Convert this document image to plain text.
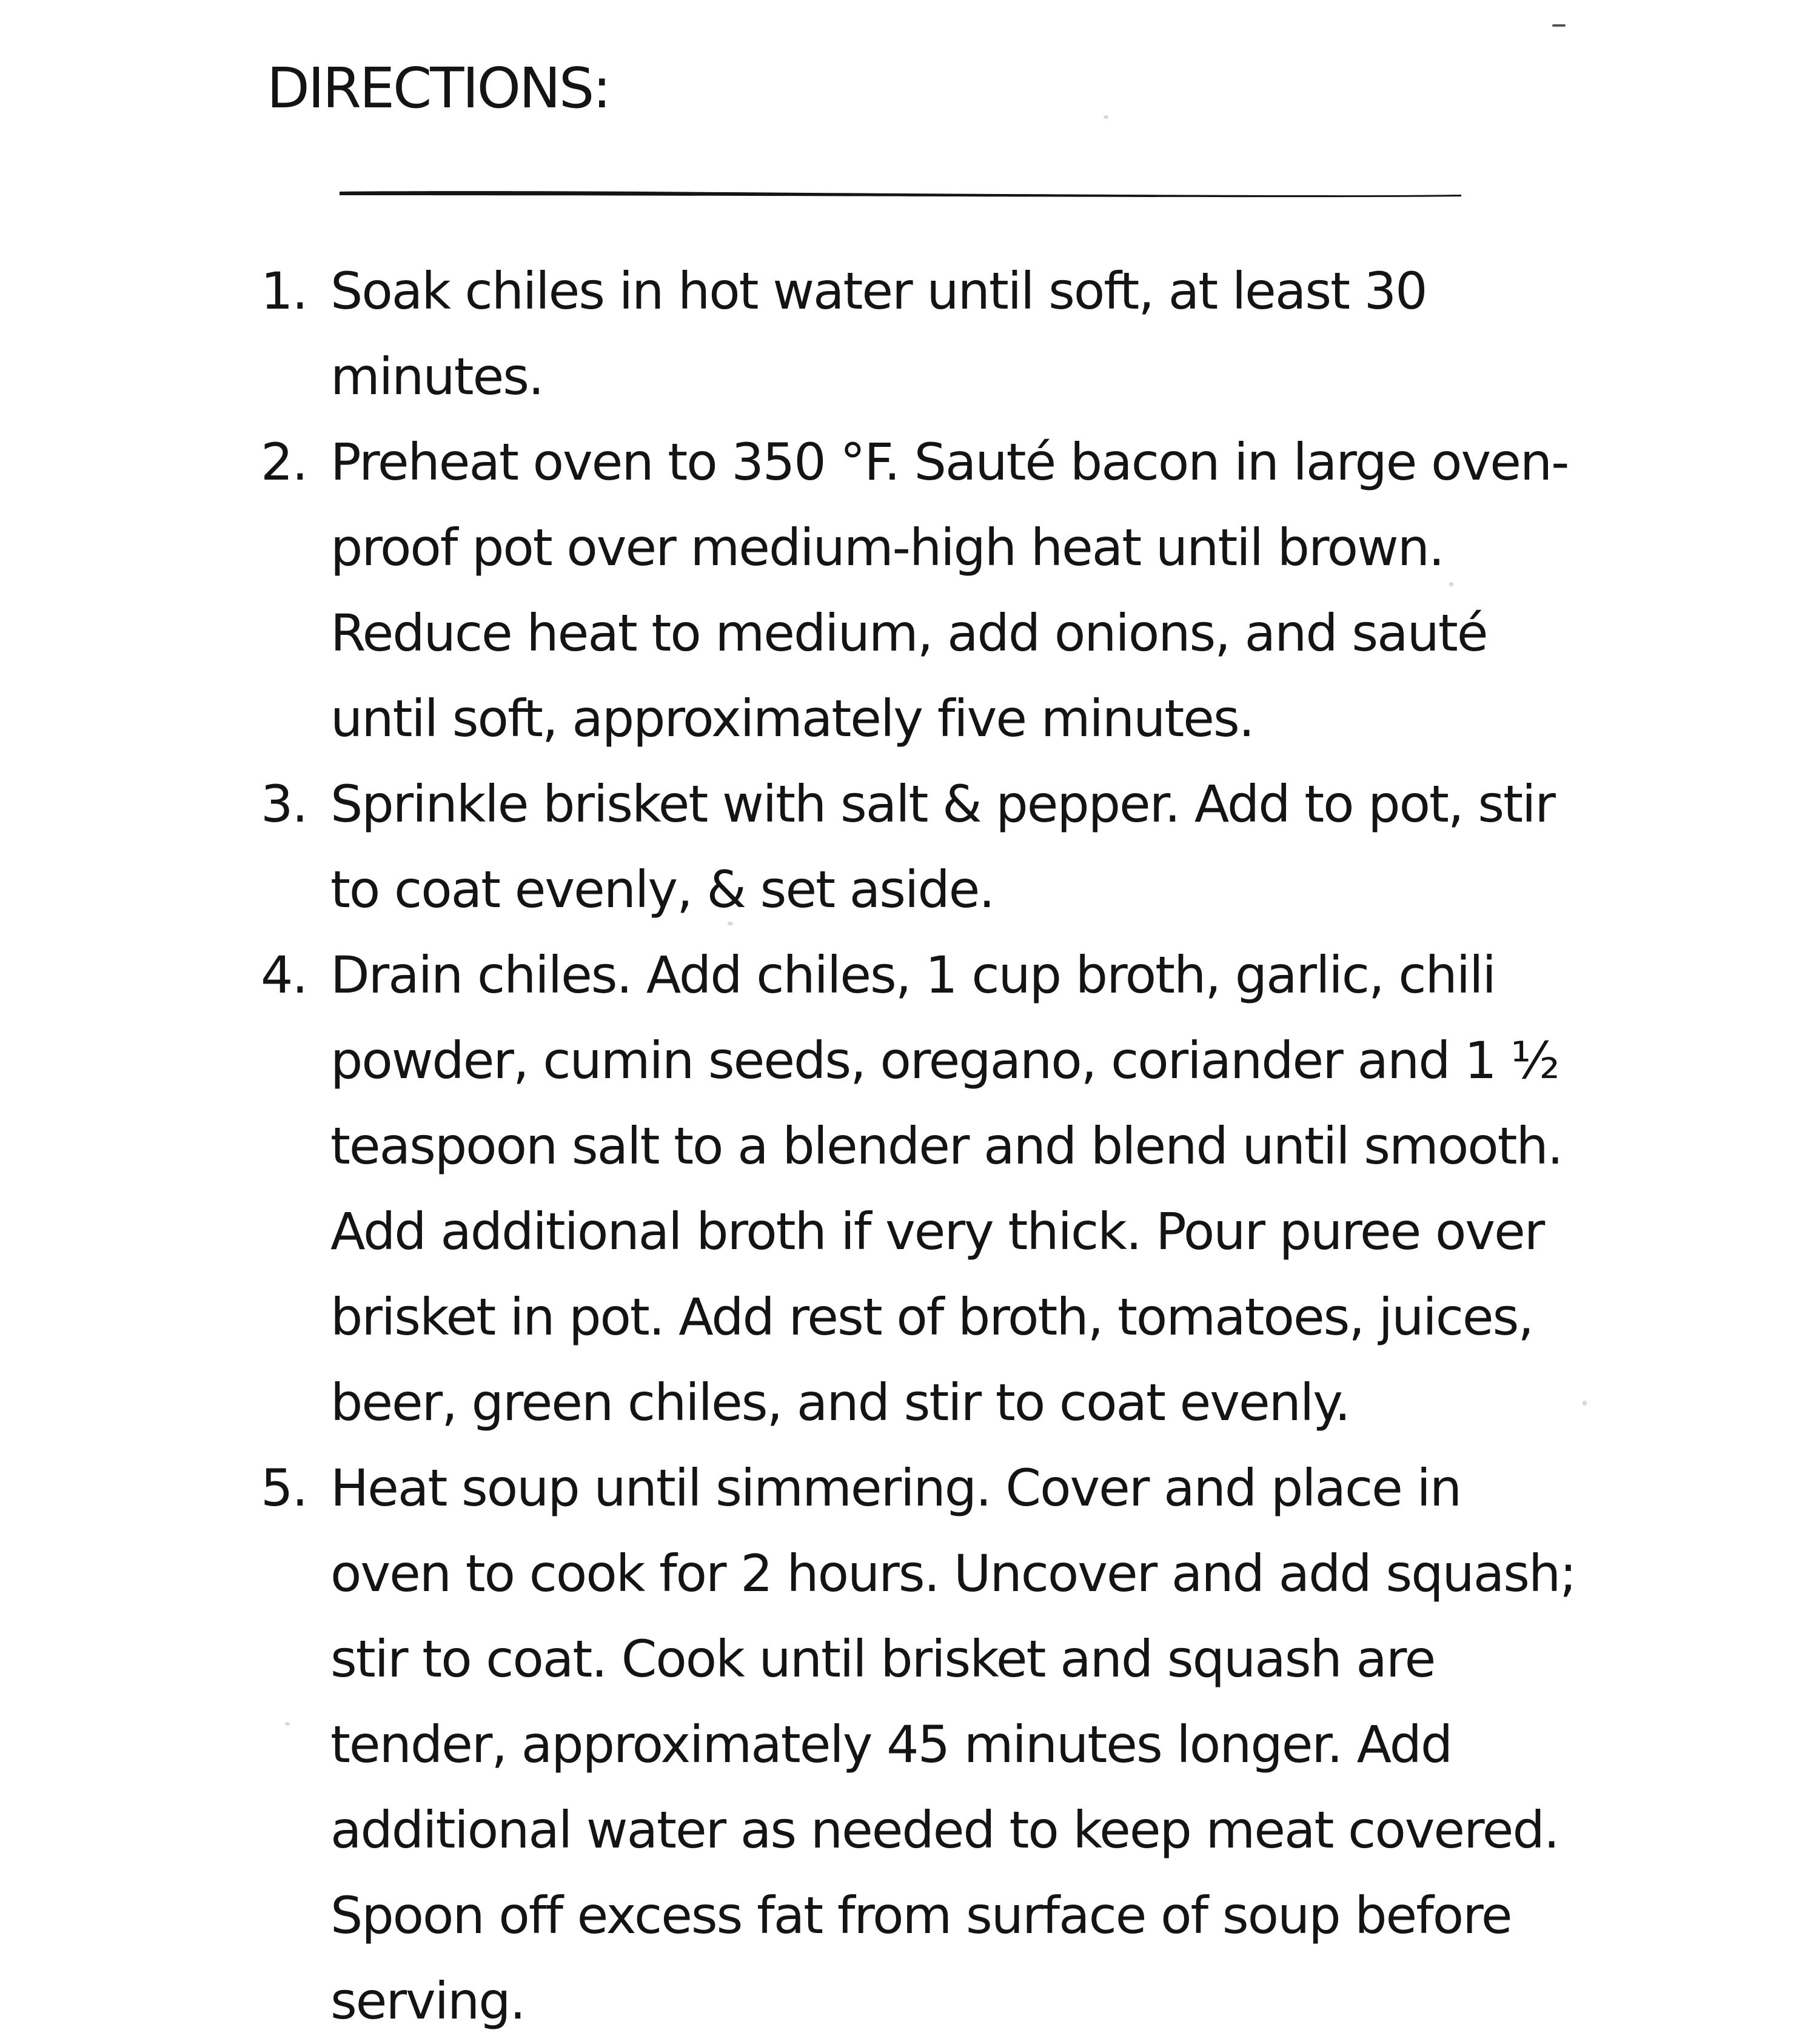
DIRECTIONS:
1. Soak chiles in hot water until soft, at least 30 minutes.
2. Preheat oven to 350 °F. Sauté bacon in large oven-proof pot over medium-high heat until brown. Reduce heat to medium, add onions, and sauté until soft, approximately five minutes.
3. Sprinkle brisket with salt & pepper. Add to pot, stir to coat evenly, & set aside.
4. Drain chiles. Add chiles, 1 cup broth, garlic, chili powder, cumin seeds, oregano, coriander and 1 ½ teaspoon salt to a blender and blend until smooth. Add additional broth if very thick. Pour puree over brisket in pot. Add rest of broth, tomatoes, juices, beer, green chiles, and stir to coat evenly.
5. Heat soup until simmering. Cover and place in oven to cook for 2 hours. Uncover and add squash; stir to coat. Cook until brisket and squash are tender, approximately 45 minutes longer. Add additional water as needed to keep meat covered. Spoon off excess fat from surface of soup before serving.
